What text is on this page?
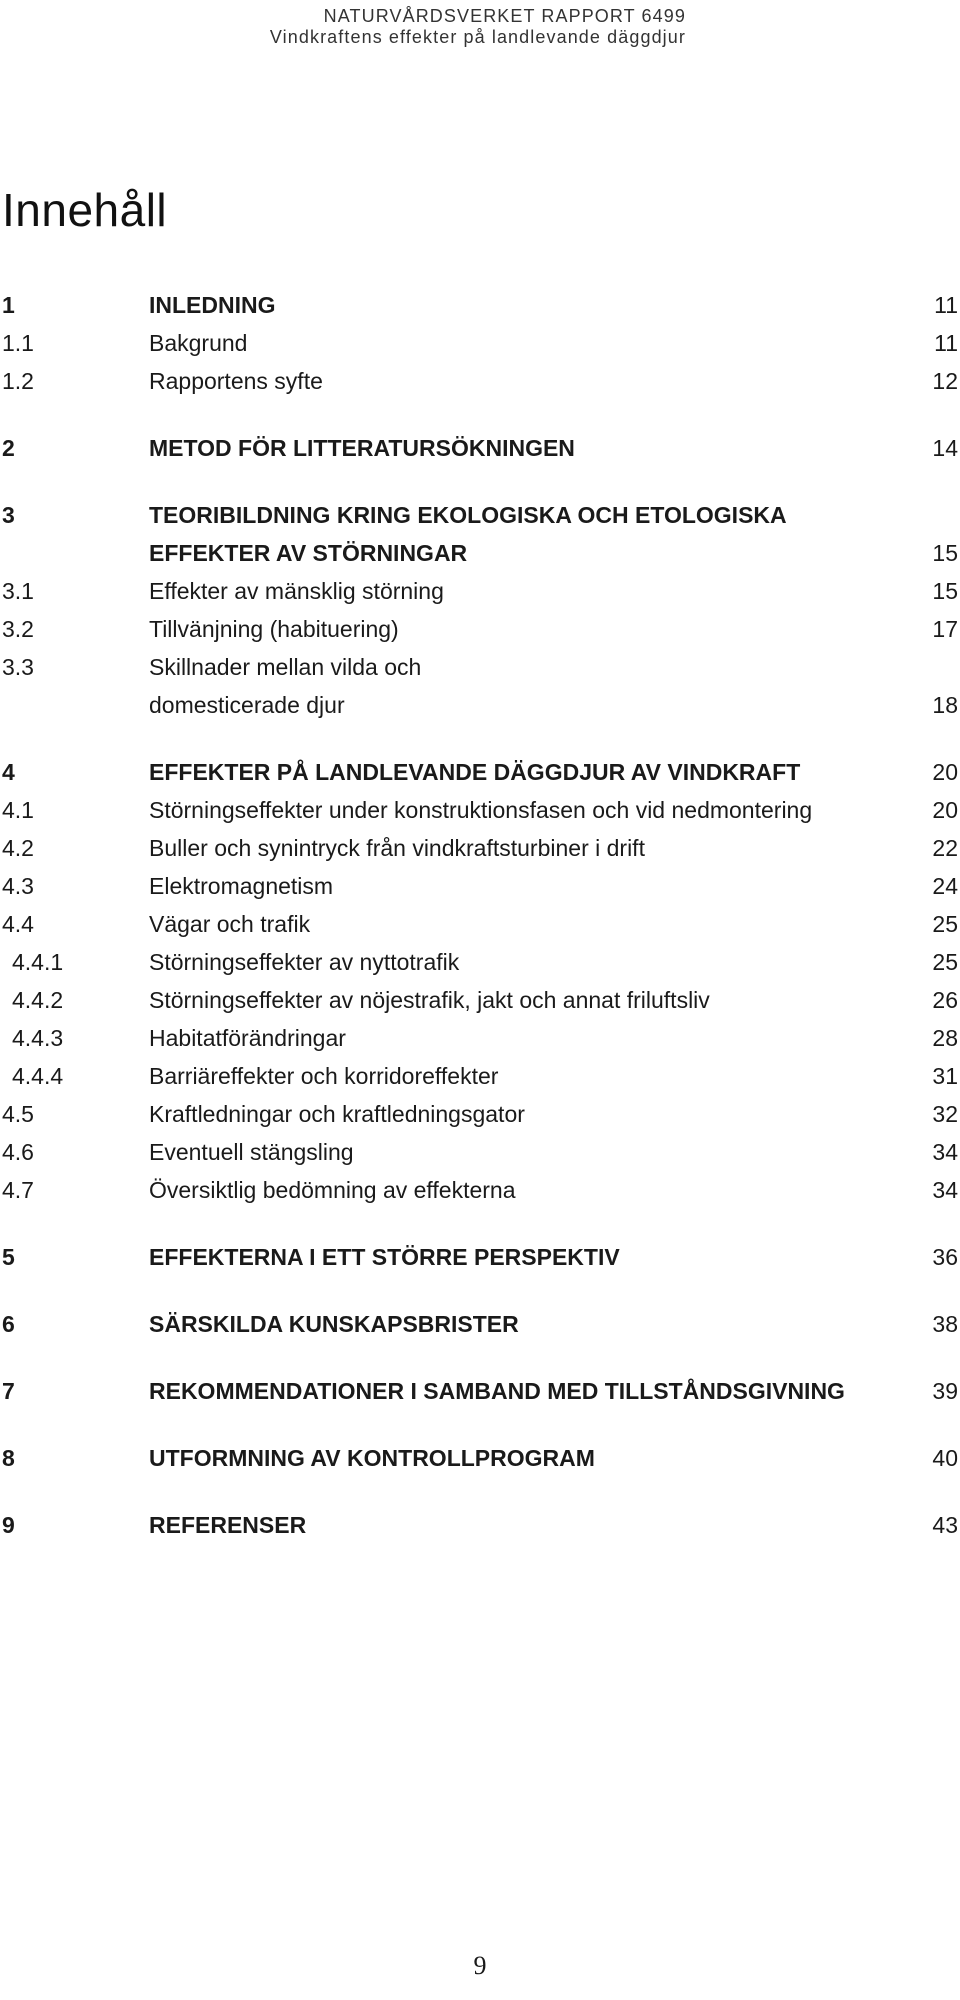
NATURVÅRDSVERKET RAPPORT 6499
Vindkraftens effekter på landlevande däggdjur
Innehåll
1	INLEDNING	11
1.1	Bakgrund	11
1.2	Rapportens syfte	12
2	METOD FÖR LITTERATURSÖKNINGEN	14
3	TEORIBILDNING KRING EKOLOGISKA OCH ETOLOGISKA
EFFEKTER AV STÖRNINGAR	15
3.1	Effekter av mänsklig störning	15
3.2	Tillvänjning (habituering)	17
3.3	Skillnader mellan vilda och
domesticerade djur	18
4	EFFEKTER PÅ LANDLEVANDE DÄGGDJUR AV VINDKRAFT	20
4.1	Störningseffekter under konstruktionsfasen och vid nedmontering	20
4.2	Buller och synintryck från vindkraftsturbiner i drift	22
4.3	Elektromagnetism	24
4.4	Vägar och trafik	25
4.4.1	Störningseffekter av nyttotrafik	25
4.4.2	Störningseffekter av nöjestrafik, jakt och annat friluftsliv	26
4.4.3	Habitatförändringar	28
4.4.4	Barriäreffekter och korridoreffekter	31
4.5	Kraftledningar och kraftledningsgator	32
4.6	Eventuell stängsling	34
4.7	Översiktlig bedömning av effekterna	34
5	EFFEKTERNA I ETT STÖRRE PERSPEKTIV	36
6	SÄRSKILDA KUNSKAPSBRISTER	38
7	REKOMMENDATIONER I SAMBAND MED TILLSTÅNDSGIVNING	39
8	UTFORMNING AV KONTROLLPROGRAM	40
9	REFERENSER	43
9
